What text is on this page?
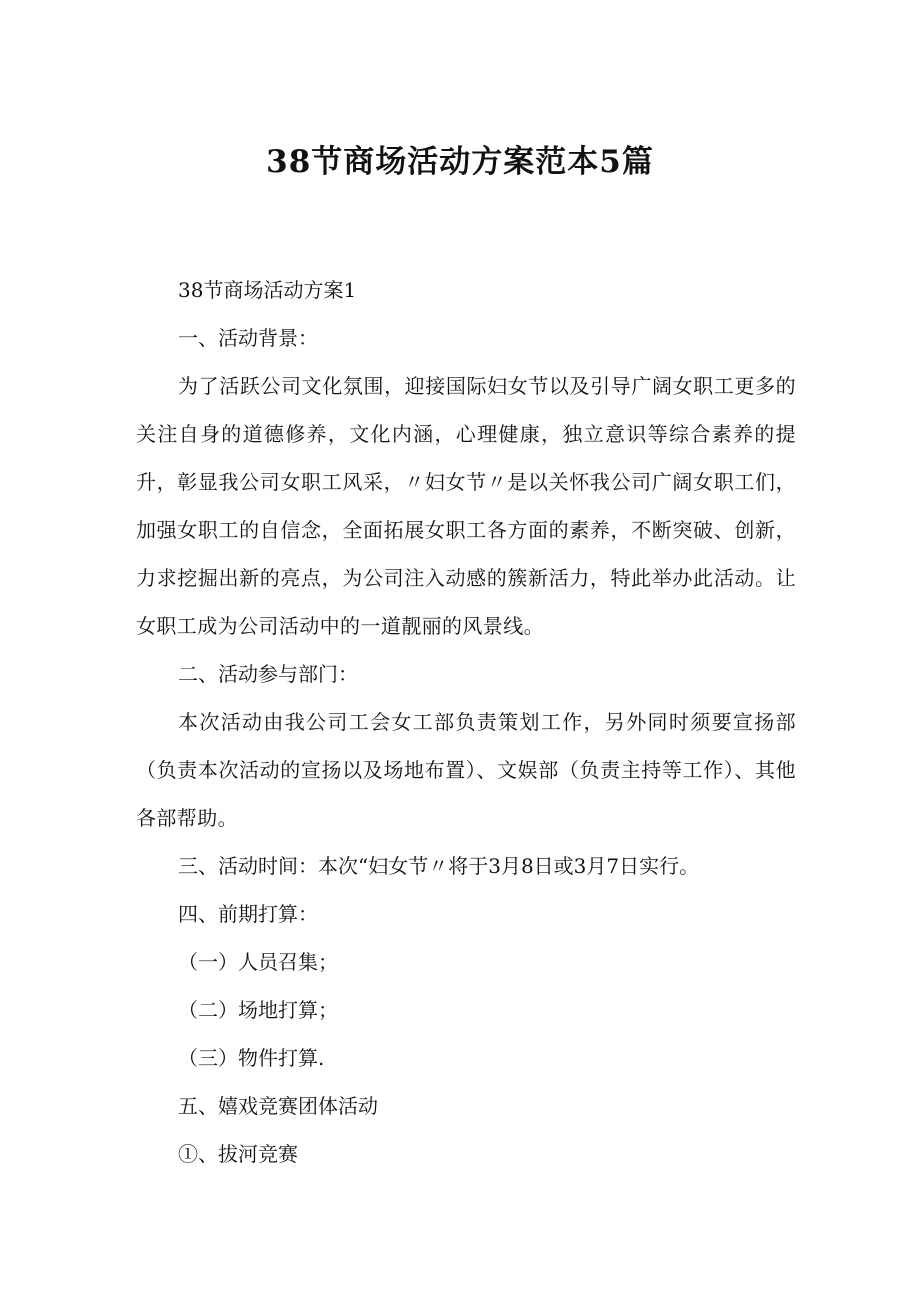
38节商场活动方案范本5篇

38节商场活动方案1

一、活动背景：

为了活跃公司文化氛围，迎接国际妇女节以及引导广阔女职工更多的关注自身的道德修养，文化内涵，心理健康，独立意识等综合素养的提升，彰显我公司女职工风采，〃妇女节〃是以关怀我公司广阔女职工们，加强女职工的自信念，全面拓展女职工各方面的素养，不断突破、创新，力求挖掘出新的亮点，为公司注入动感的簇新活力，特此举办此活动。让女职工成为公司活动中的一道靓丽的风景线。

二、活动参与部门：

本次活动由我公司工会女工部负责策划工作，另外同时须要宣扬部（负责本次活动的宣扬以及场地布置）、文娱部（负责主持等工作）、其他各部帮助。

三、活动时间：本次“妇女节〃将于3月8日或3月7日实行。

四、前期打算：

（一）人员召集；

（二）场地打算；

（三）物件打算.

五、嬉戏竞赛团体活动

①、拔河竞赛
